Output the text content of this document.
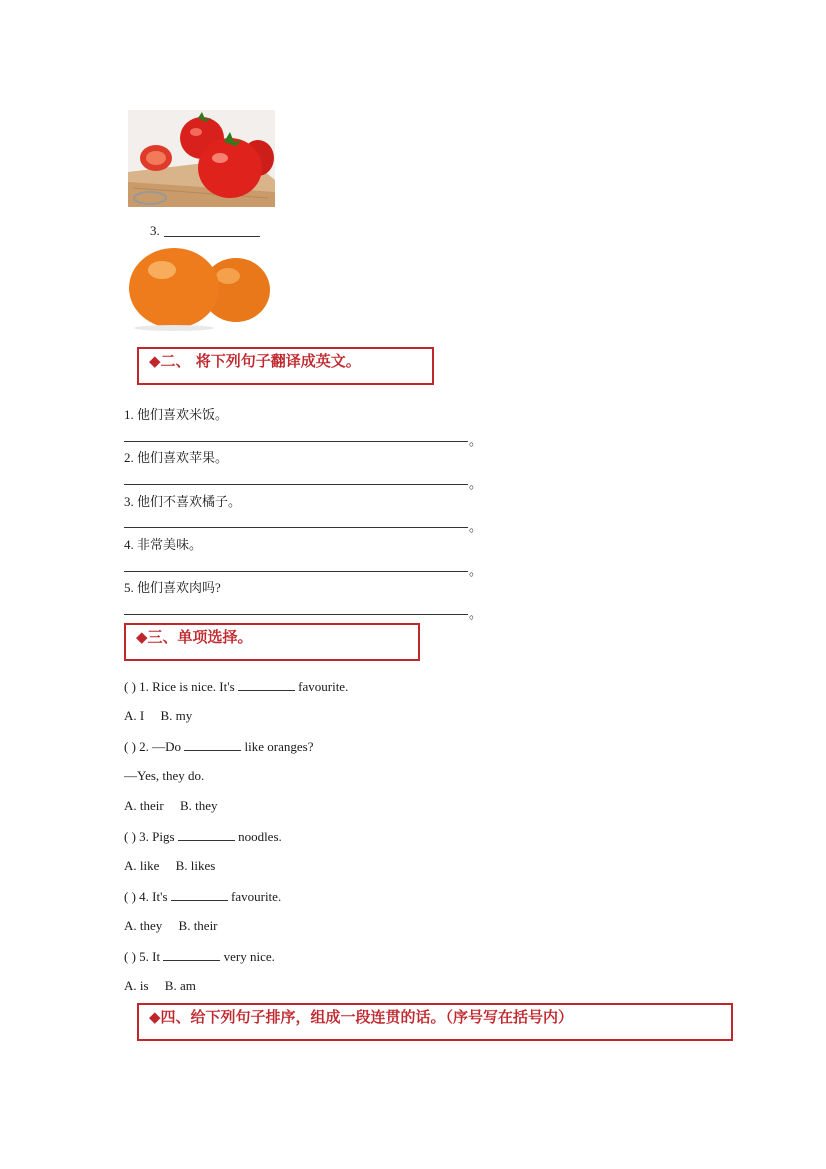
3.
◆二、 将下列句子翻译成英文。
1. 他们喜欢米饭。
。
2. 他们喜欢苹果。
。
3. 他们不喜欢橘子。
。
4. 非常美味。
。
5. 他们喜欢肉吗?
。
◆三、单项选择。
( ) 1. Rice is nice. It's	favourite.
A. I     B. my
( ) 2. —Do	like oranges?
—Yes, they do.
A. their     B. they
( ) 3. Pigs	noodles.
A. like     B. likes
( ) 4. It's	favourite.
A. they     B. their
( ) 5. It	very nice.
A. is     B. am
◆四、给下列句子排序，组成一段连贯的话。（序号写在括号内）
